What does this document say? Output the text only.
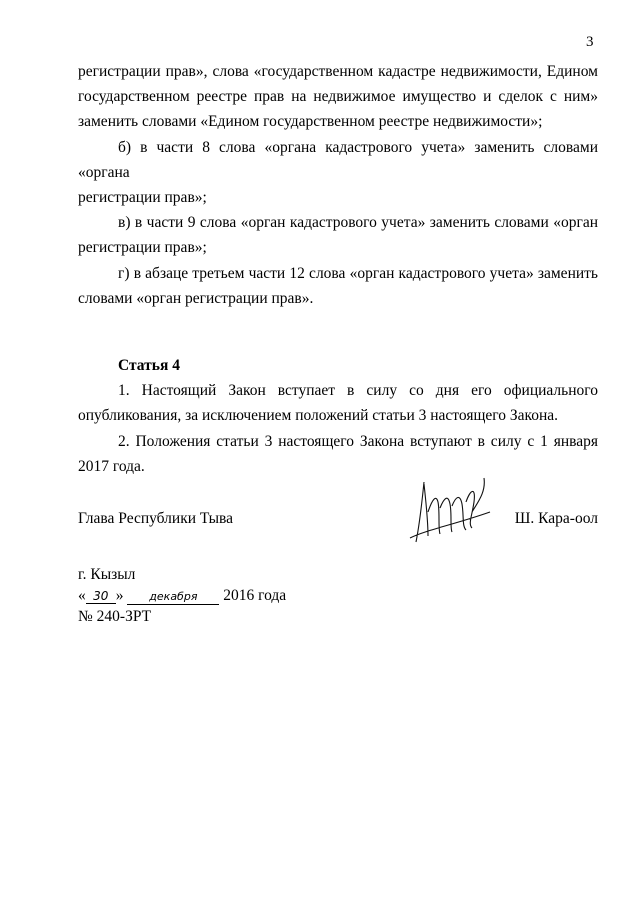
3

регистрации прав», слова «государственном кадастре недвижимости, Едином

государственном реестре прав на недвижимое имущество и сделок с ним»

заменить словами «Едином государственном реестре недвижимости»;

б) в части 8 слова «органа кадастрового учета» заменить словами «органа

регистрации прав»;

в) в части 9 слова «орган кадастрового учета» заменить словами «орган

регистрации прав»;

г) в абзаце третьем части 12 слова «орган кадастрового учета» заменить

словами «орган регистрации прав».

Статья 4

1. Настоящий Закон вступает в силу со дня его официального

опубликования, за исключением положений статьи 3 настоящего Закона.

2. Положения статьи 3 настоящего Закона вступают в силу с 1 января

2017 года.

Глава Республики Тыва	Ш. Кара-оол
г. Кызыл
« 30 » декабря 2016 года
№ 240-ЗРТ
